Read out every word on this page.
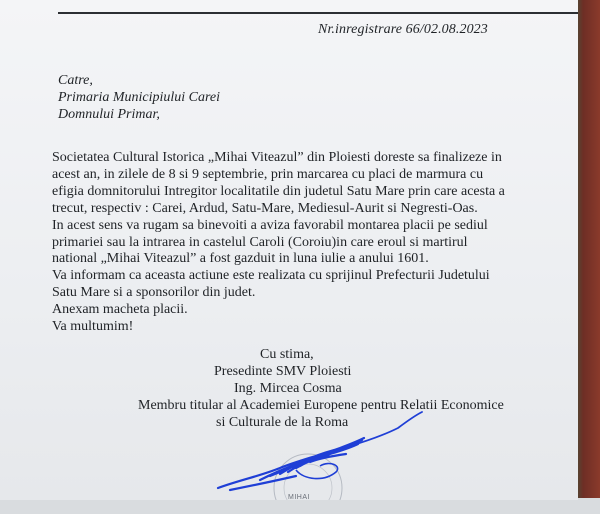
Nr.inregistrare 66/02.08.2023
Catre,
Primaria Municipiului Carei
Domnului Primar,
Societatea Cultural Istorica „Mihai Viteazul” din Ploiesti doreste sa finalizeze in
acest an, in zilele de 8 si 9 septembrie, prin marcarea cu placi de marmura cu
efigia domnitorului Intregitor localitatile din judetul Satu Mare prin care acesta a
trecut, respectiv : Carei, Ardud, Satu-Mare, Mediesul-Aurit si Negresti-Oas.
In acest sens va rugam sa binevoiti a aviza favorabil montarea placii pe sediul
primariei sau la intrarea in castelul Caroli (Coroiu)in care eroul si martirul
national „Mihai Viteazul” a fost gazduit in luna iulie a anului 1601.
Va informam ca aceasta actiune este realizata cu sprijinul Prefecturii Judetului
Satu Mare si a sponsorilor din judet.
Anexam macheta placii.
Va multumim!
Cu stima,
Presedinte SMV Ploiesti
Ing. Mircea Cosma
Membru titular al Academiei Europene pentru Relatii Economice
si Culturale de la Roma
MIHAI
